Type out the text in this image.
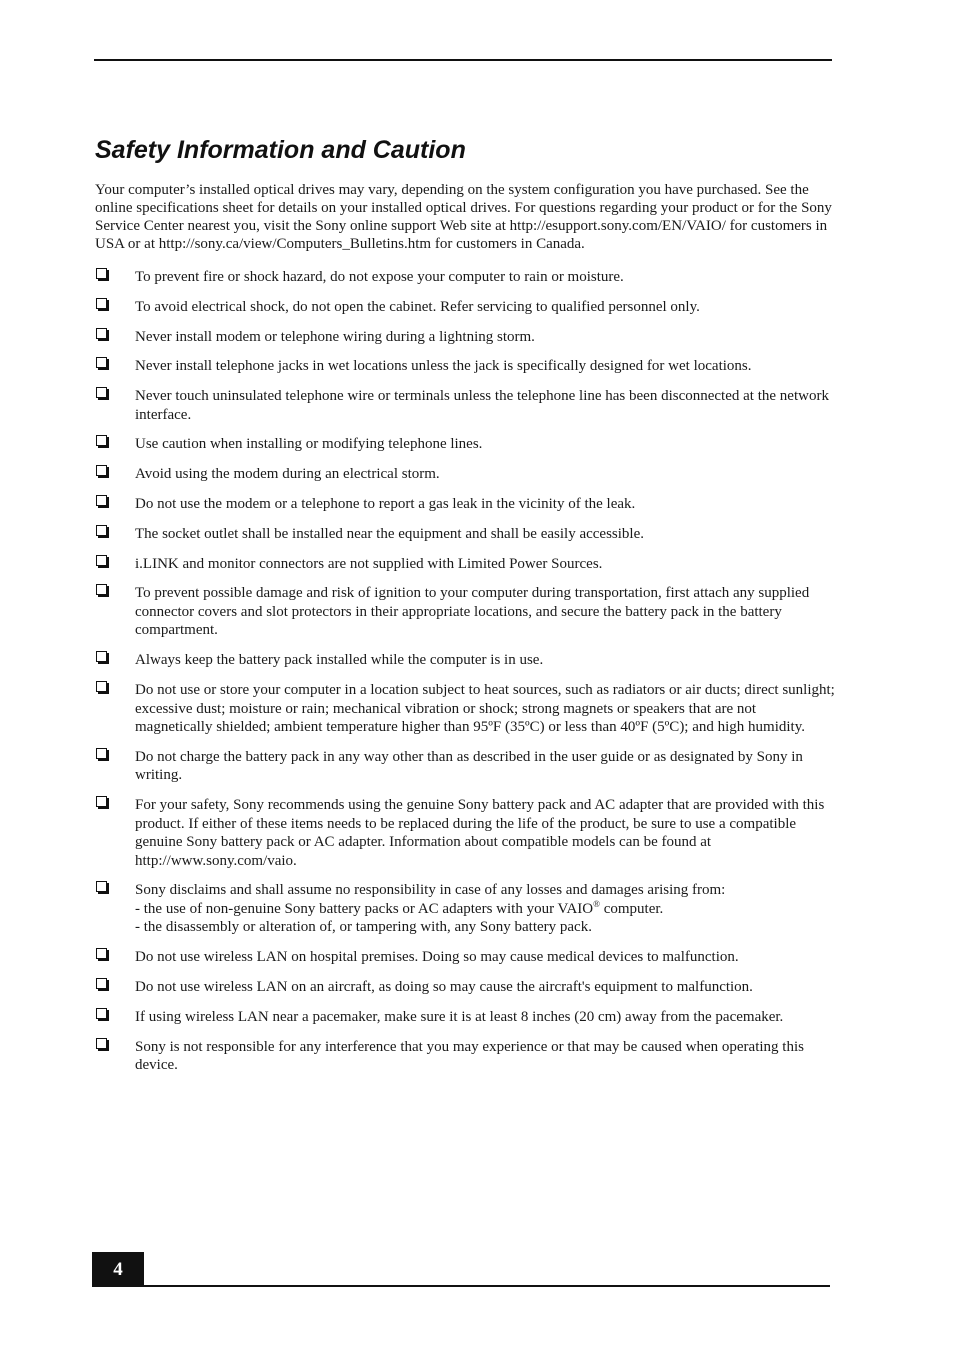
Safety Information and Caution

Your computer’s installed optical drives may vary, depending on the system configuration you have purchased. See the online specifications sheet for details on your installed optical drives. For questions regarding your product or for the Sony Service Center nearest you, visit the Sony online support Web site at http://esupport.sony.com/EN/VAIO/ for customers in USA or at http://sony.ca/view/Computers_Bulletins.htm for customers in Canada.

To prevent fire or shock hazard, do not expose your computer to rain or moisture.
To avoid electrical shock, do not open the cabinet. Refer servicing to qualified personnel only.
Never install modem or telephone wiring during a lightning storm.
Never install telephone jacks in wet locations unless the jack is specifically designed for wet locations.
Never touch uninsulated telephone wire or terminals unless the telephone line has been disconnected at the network interface.
Use caution when installing or modifying telephone lines.
Avoid using the modem during an electrical storm.
Do not use the modem or a telephone to report a gas leak in the vicinity of the leak.
The socket outlet shall be installed near the equipment and shall be easily accessible.
i.LINK and monitor connectors are not supplied with Limited Power Sources.
To prevent possible damage and risk of ignition to your computer during transportation, first attach any supplied connector covers and slot protectors in their appropriate locations, and secure the battery pack in the battery compartment.
Always keep the battery pack installed while the computer is in use.
Do not use or store your computer in a location subject to heat sources, such as radiators or air ducts; direct sunlight; excessive dust; moisture or rain; mechanical vibration or shock; strong magnets or speakers that are not magnetically shielded; ambient temperature higher than 95ºF (35ºC) or less than 40ºF (5ºC); and high humidity.
Do not charge the battery pack in any way other than as described in the user guide or as designated by Sony in writing.
For your safety, Sony recommends using the genuine Sony battery pack and AC adapter that are provided with this product. If either of these items needs to be replaced during the life of the product, be sure to use a compatible genuine Sony battery pack or AC adapter. Information about compatible models can be found at http://www.sony.com/vaio.
Sony disclaims and shall assume no responsibility in case of any losses and damages arising from:
- the use of non-genuine Sony battery packs or AC adapters with your VAIO® computer.
- the disassembly or alteration of, or tampering with, any Sony battery pack.
Do not use wireless LAN on hospital premises. Doing so may cause medical devices to malfunction.
Do not use wireless LAN on an aircraft, as doing so may cause the aircraft's equipment to malfunction.
If using wireless LAN near a pacemaker, make sure it is at least 8 inches (20 cm) away from the pacemaker.
Sony is not responsible for any interference that you may experience or that may be caused when operating this device.
4
